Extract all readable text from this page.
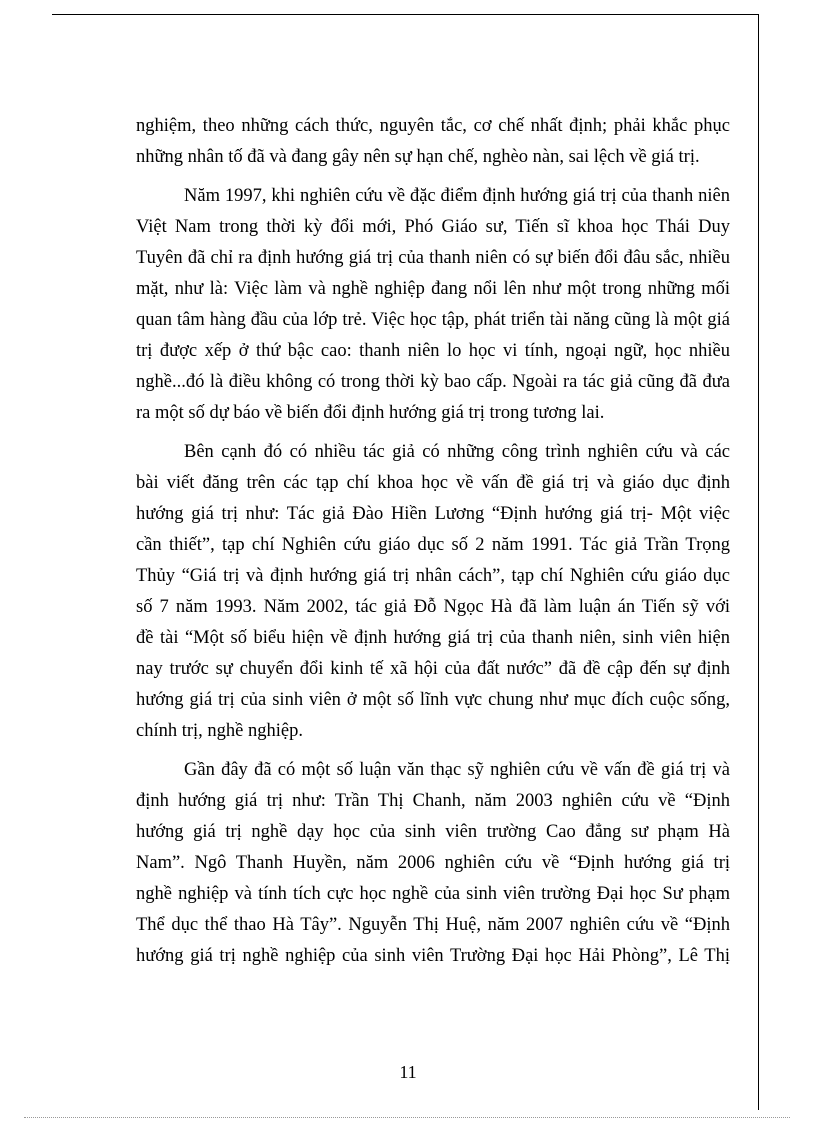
nghiệm, theo những cách thức, nguyên tắc, cơ chế nhất định; phải khắc phục
những nhân tố đã và đang gây nên sự hạn chế, nghèo nàn, sai lệch về giá trị.
Năm 1997, khi nghiên cứu về đặc điểm định hướng giá trị của thanh niên
Việt Nam trong thời kỳ đổi mới, Phó Giáo sư, Tiến sĩ khoa học Thái Duy
Tuyên đã chỉ ra định hướng giá trị của thanh niên có sự biến đổi đâu sắc, nhiều
mặt, như là: Việc làm và nghề nghiệp đang nổi lên như một trong những mối
quan tâm hàng đầu của lớp trẻ. Việc học tập, phát triển tài năng cũng là một giá
trị được xếp ở thứ bậc cao: thanh niên lo học vi tính, ngoại ngữ, học nhiều
nghề...đó là điều không có trong thời kỳ bao cấp. Ngoài ra tác giả cũng đã đưa
ra một số dự báo về biến đổi định hướng giá trị trong tương lai.
Bên cạnh đó có nhiều tác giả có những công trình nghiên cứu và các
bài viết đăng trên các tạp chí khoa học về vấn đề giá trị và giáo dục định
hướng giá trị như: Tác giả Đào Hiền Lương “Định hướng giá trị- Một việc
cần thiết”, tạp chí Nghiên cứu giáo dục số 2 năm 1991. Tác giả Trần Trọng
Thủy “Giá trị và định hướng giá trị nhân cách”, tạp chí Nghiên cứu giáo dục
số 7 năm 1993. Năm 2002, tác giả Đỗ Ngọc Hà đã làm luận án Tiến sỹ với
đề tài “Một số biểu hiện về định hướng giá trị của thanh niên, sinh viên hiện
nay trước sự chuyển đổi kinh tế xã hội của đất nước” đã đề cập đến sự định
hướng giá trị của sinh viên ở một số lĩnh vực chung như mục đích cuộc sống,
chính trị, nghề nghiệp.
Gần đây đã có một số luận văn thạc sỹ nghiên cứu về vấn đề giá trị và
định hướng giá trị như: Trần Thị Chanh, năm 2003 nghiên cứu về “Định
hướng giá trị nghề dạy học của sinh viên trường Cao đẳng sư phạm Hà
Nam”. Ngô Thanh Huyền, năm 2006 nghiên cứu về “Định hướng giá trị
nghề nghiệp và tính tích cực học nghề của sinh viên trường Đại học Sư phạm
Thể dục thể thao Hà Tây”. Nguyễn Thị Huệ, năm 2007 nghiên cứu về “Định
hướng giá trị nghề nghiệp của sinh viên Trường Đại học Hải Phòng”, Lê Thị
11
